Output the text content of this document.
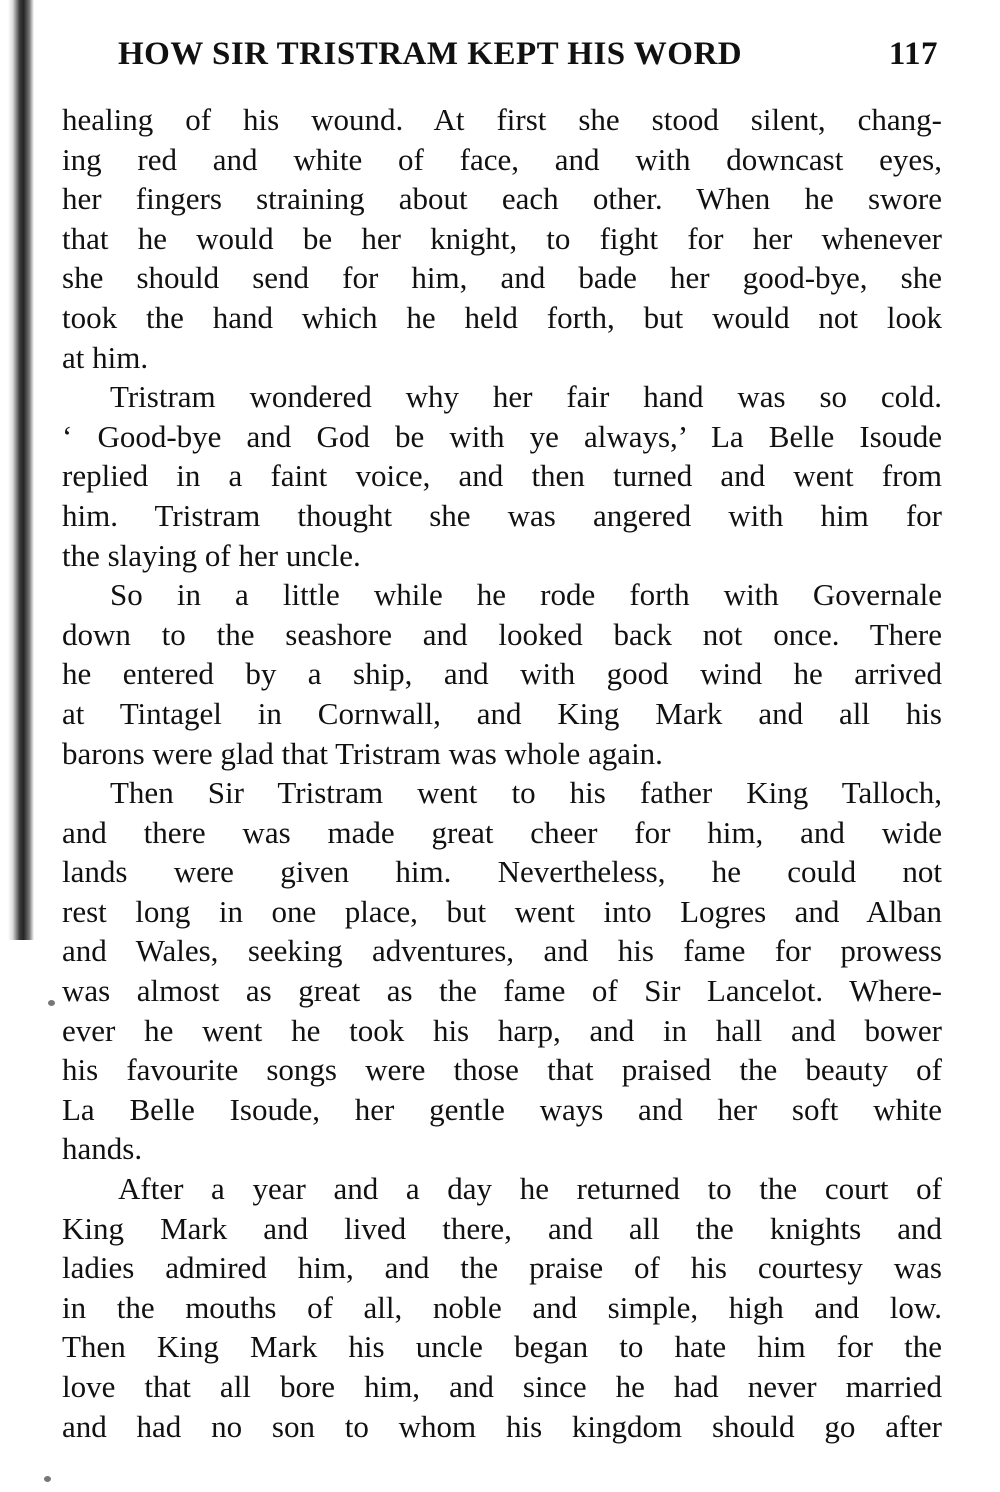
HOW SIR TRISTRAM KEPT HIS WORD	117
healing of his wound. At first she stood silent, chang-
ing red and white of face, and with downcast eyes,
her fingers straining about each other. When he swore
that he would be her knight, to fight for her whenever
she should send for him, and bade her good-bye, she
took the hand which he held forth, but would not look
at him.
Tristram wondered why her fair hand was so cold.
‘ Good-bye and God be with ye always,’ La Belle Isoude
replied in a faint voice, and then turned and went from
him. Tristram thought she was angered with him for
the slaying of her uncle.
So in a little while he rode forth with Governale
down to the seashore and looked back not once. There
he entered by a ship, and with good wind he arrived
at Tintagel in Cornwall, and King Mark and all his
barons were glad that Tristram was whole again.
Then Sir Tristram went to his father King Talloch,
and there was made great cheer for him, and wide
lands were given him. Nevertheless, he could not
rest long in one place, but went into Logres and Alban
and Wales, seeking adventures, and his fame for prowess
was almost as great as the fame of Sir Lancelot. Where-
ever he went he took his harp, and in hall and bower
his favourite songs were those that praised the beauty of
La Belle Isoude, her gentle ways and her soft white
hands.
After a year and a day he returned to the court of
King Mark and lived there, and all the knights and
ladies admired him, and the praise of his courtesy was
in the mouths of all, noble and simple, high and low.
Then King Mark his uncle began to hate him for the
love that all bore him, and since he had never married
and had no son to whom his kingdom should go after
